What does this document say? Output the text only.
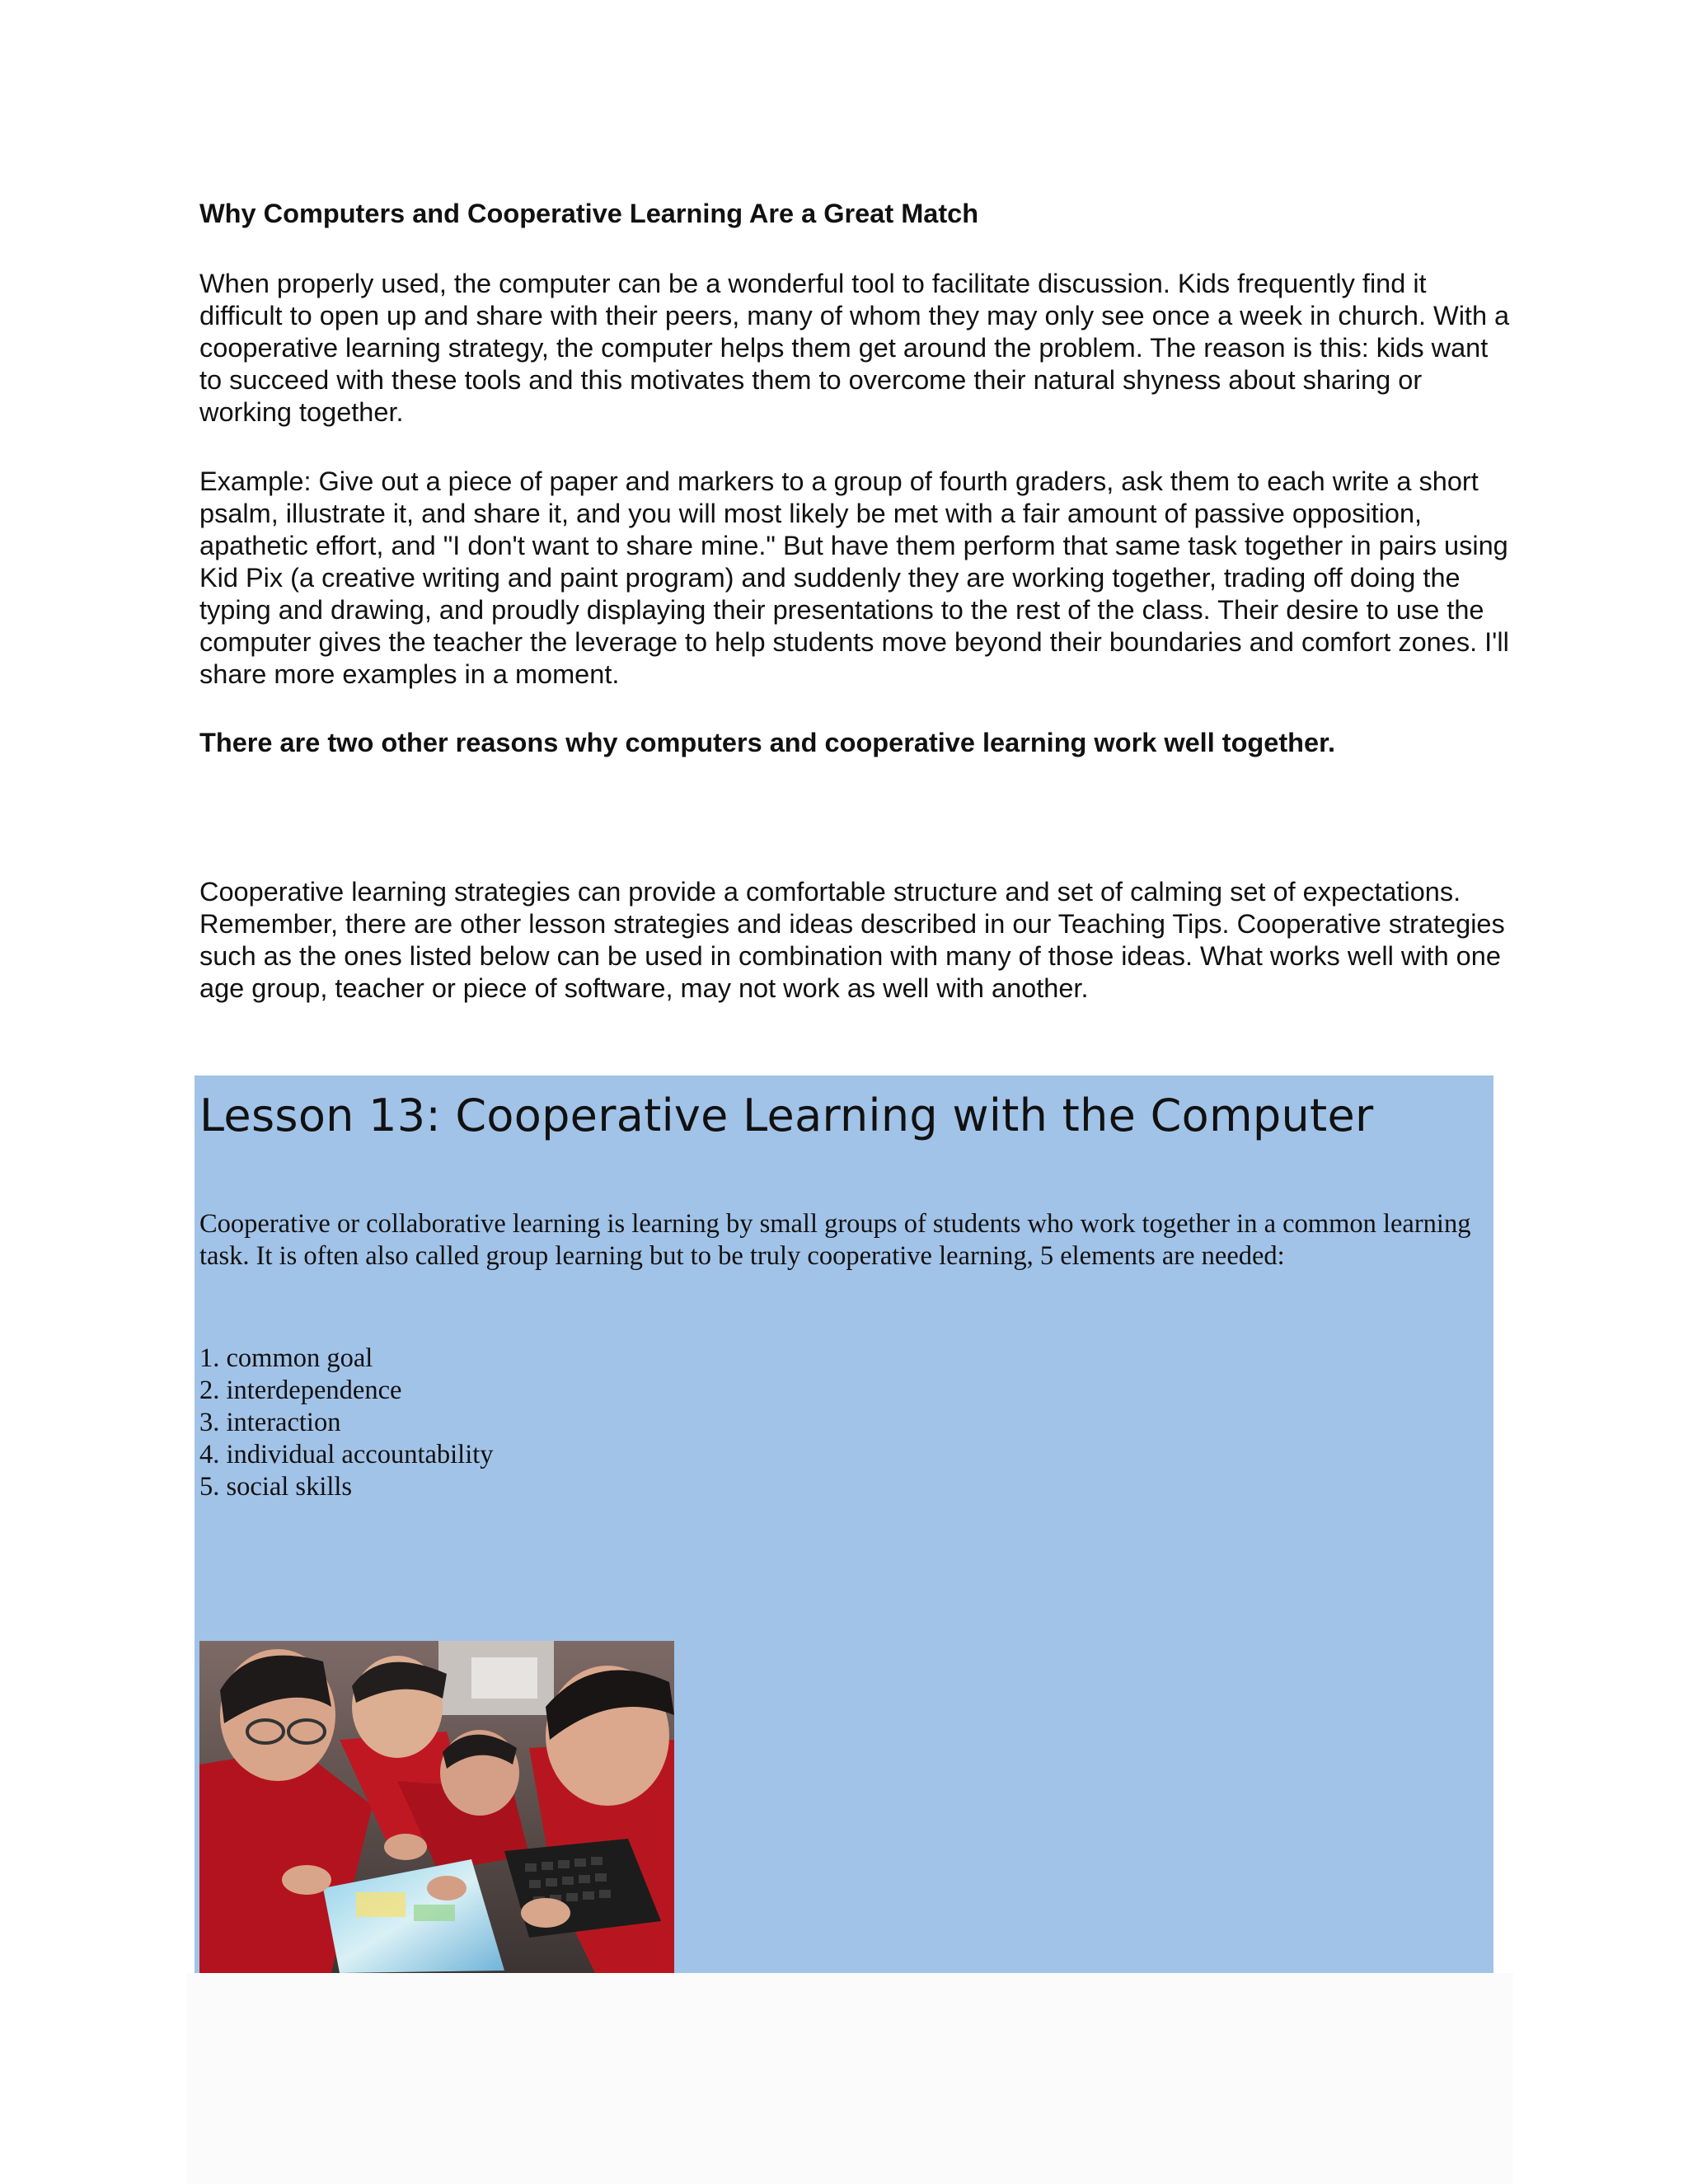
Why Computers and Cooperative Learning Are a Great Match

When properly used, the computer can be a wonderful tool to facilitate discussion. Kids frequently find it difficult to open up and share with their peers, many of whom they may only see once a week in church. With a cooperative learning strategy, the computer helps them get around the problem. The reason is this: kids want to succeed with these tools and this motivates them to overcome their natural shyness about sharing or working together.

Example: Give out a piece of paper and markers to a group of fourth graders, ask them to each write a short psalm, illustrate it, and share it, and you will most likely be met with a fair amount of passive opposition, apathetic effort, and "I don't want to share mine." But have them perform that same task together in pairs using Kid Pix (a creative writing and paint program) and suddenly they are working together, trading off doing the typing and drawing, and proudly displaying their presentations to the rest of the class. Their desire to use the computer gives the teacher the leverage to help students move beyond their boundaries and comfort zones. I'll share more examples in a moment.

There are two other reasons why computers and cooperative learning work well together.

Cooperative learning strategies can provide a comfortable structure and set of calming set of expectations. Remember, there are other lesson strategies and ideas described in our Teaching Tips. Cooperative strategies such as the ones listed below can be used in combination with many of those ideas. What works well with one age group, teacher or piece of software, may not work as well with another.

Lesson 13: Cooperative Learning with the Computer

Cooperative or collaborative learning is learning by small groups of students who work together in a common learning task. It is often also called group learning but to be truly cooperative learning, 5 elements are needed:

1. common goal
2. interdependence
3. interaction
4. individual accountability
5. social skills
